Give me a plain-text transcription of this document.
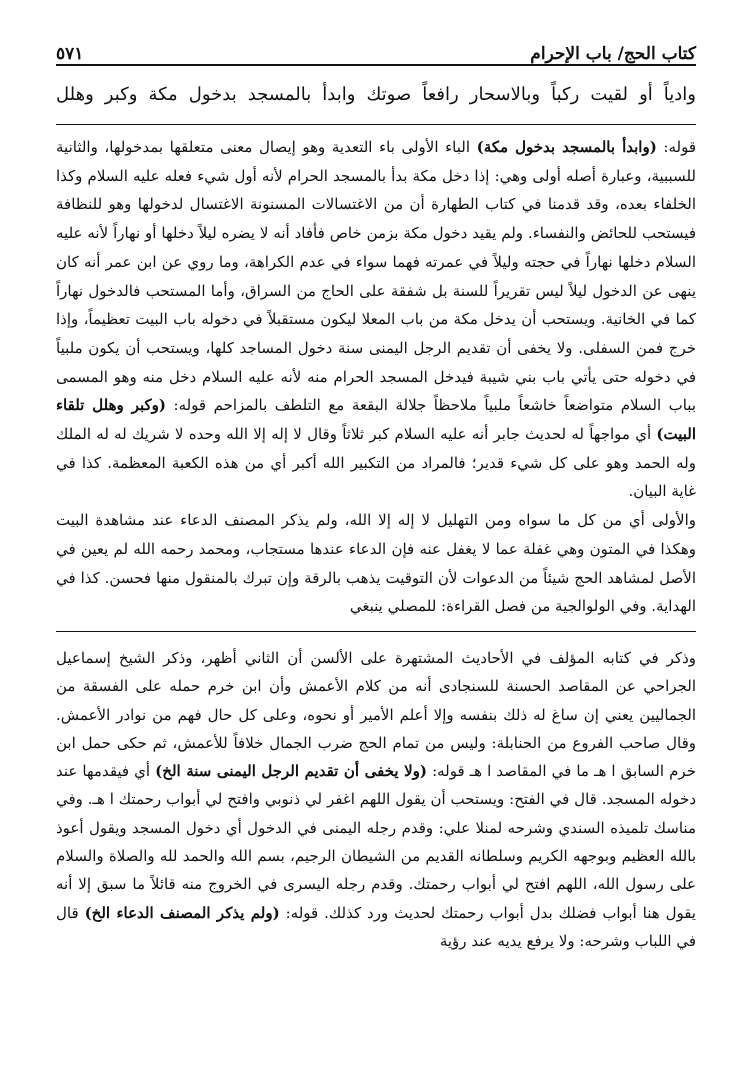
كتاب الحج/ باب الإحرام
٥٧١
وادياً أو لقيت ركباً وبالاسحار رافعاً صوتك وابدأ بالمسجد بدخول مكة وكبر وهلل

قوله: (وابدأ بالمسجد بدخول مكة) الباء الأولى باء التعدية وهو إيصال معنى متعلقها بمدخولها، والثانية للسببية، وعبارة أصله أولى وهي: إذا دخل مكة بدأ بالمسجد الحرام لأنه أول شيء فعله عليه السلام وكذا الخلفاء بعده، وقد قدمنا في كتاب الطهارة أن من الاغتسالات المسنونة الاغتسال لدخولها وهو للنظافة فيستحب للحائض والنفساء. ولم يقيد دخول مكة بزمن خاص فأفاد أنه لا يضره ليلاً دخلها أو نهاراً لأنه عليه السلام دخلها نهاراً في حجته وليلاً في عمرته فهما سواء في عدم الكراهة، وما روي عن ابن عمر أنه كان ينهى عن الدخول ليلاً ليس تقريراً للسنة بل شفقة على الحاج من السراق، وأما المستحب فالدخول نهاراً كما في الخانية. ويستحب أن يدخل مكة من باب المعلا ليكون مستقبلاً في دخوله باب البيت تعظيماً، وإذا خرج فمن السفلى. ولا يخفى أن تقديم الرجل اليمنى سنة دخول المساجد كلها، ويستحب أن يكون ملبياً في دخوله حتى يأتي باب بني شيبة فيدخل المسجد الحرام منه لأنه عليه السلام دخل منه وهو المسمى بباب السلام متواضعاً خاشعاً ملبياً ملاحظاً جلالة البقعة مع التلطف بالمزاحم قوله: (وكبر وهلل تلقاء البيت) أي مواجهاً له لحديث جابر أنه عليه السلام كبر ثلاثاً وقال لا إله إلا الله وحده لا شريك له له الملك وله الحمد وهو على كل شيء قدير؛ فالمراد من التكبير الله أكبر أي من هذه الكعبة المعظمة. كذا في غاية البيان.

والأولى أي من كل ما سواه ومن التهليل لا إله إلا الله، ولم يذكر المصنف الدعاء عند مشاهدة البيت وهكذا في المتون وهي غفلة عما لا يغفل عنه فإن الدعاء عندها مستجاب، ومحمد رحمه الله لم يعين في الأصل لمشاهد الحج شيئاً من الدعوات لأن التوقيت يذهب بالرقة وإن تبرك بالمنقول منها فحسن. كذا في الهداية. وفي الولوالجية من فصل القراءة: للمصلي ينبغي

وذكر في كتابه المؤلف في الأحاديث المشتهرة على الألسن أن الثاني أظهر، وذكر الشيخ إسماعيل الجراحي عن المقاصد الحسنة للسنجادى أنه من كلام الأعمش وأن ابن خرم حمله على الفسقة من الجماليين يعني إن ساغ له ذلك بنفسه وإلا أعلم الأمير أو نحوه، وعلى كل حال فهم من نوادر الأعمش. وقال صاحب الفروع من الحنابلة: وليس من تمام الحج ضرب الجمال خلافاً للأعمش، ثم حكى حمل ابن خرم السابق ا هـ ما في المقاصد ا هـ قوله: (ولا يخفى أن تقديم الرجل اليمنى سنة الخ) أي فيقدمها عند دخوله المسجد. قال في الفتح: ويستحب أن يقول اللهم اغفر لي ذنوبي وافتح لي أبواب رحمتك ا هـ. وفي مناسك تلميذه السندي وشرحه لمنلا علي: وقدم رجله اليمنى في الدخول أي دخول المسجد ويقول أعوذ بالله العظيم وبوجهه الكريم وسلطانه القديم من الشيطان الرجيم، بسم الله والحمد لله والصلاة والسلام على رسول الله، اللهم افتح لي أبواب رحمتك. وقدم رجله اليسرى في الخروج منه قائلاً ما سبق إلا أنه يقول هنا أبواب فضلك بدل أبواب رحمتك لحديث ورد كذلك. قوله: (ولم يذكر المصنف الدعاء الخ) قال في اللباب وشرحه: ولا يرفع يديه عند رؤية
